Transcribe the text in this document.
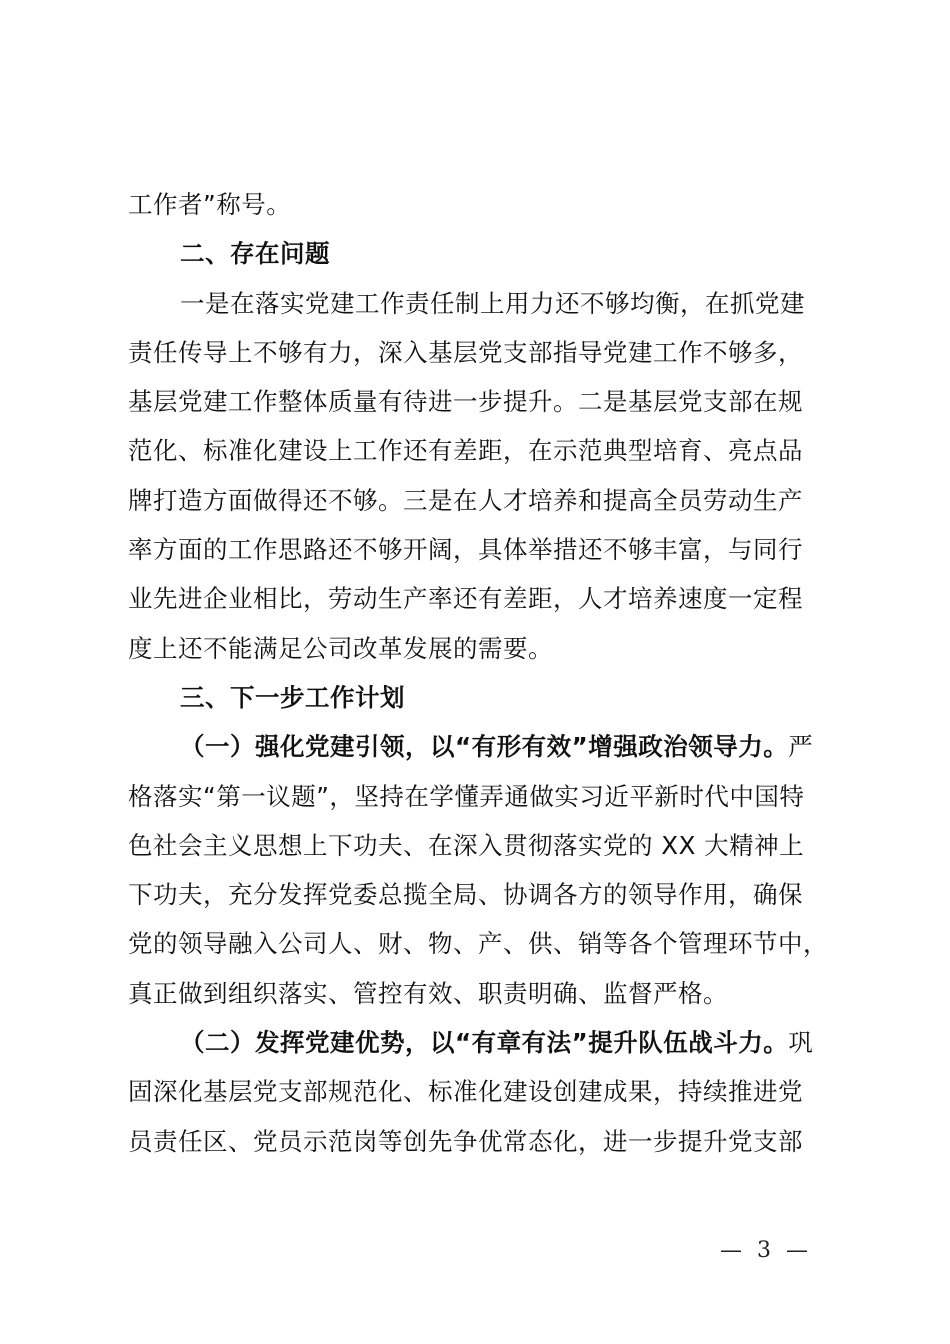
工作者”称号。
二、存在问题
一是在落实党建工作责任制上用力还不够均衡，在抓党建
责任传导上不够有力，深入基层党支部指导党建工作不够多，
基层党建工作整体质量有待进一步提升。二是基层党支部在规
范化、标准化建设上工作还有差距，在示范典型培育、亮点品
牌打造方面做得还不够。三是在人才培养和提高全员劳动生产
率方面的工作思路还不够开阔，具体举措还不够丰富，与同行
业先进企业相比，劳动生产率还有差距，人才培养速度一定程
度上还不能满足公司改革发展的需要。
三、下一步工作计划
（一）强化党建引领，以“有形有效”增强政治领导力。严
格落实“第一议题”，坚持在学懂弄通做实习近平新时代中国特
色社会主义思想上下功夫、在深入贯彻落实党的 XX 大精神上
下功夫，充分发挥党委总揽全局、协调各方的领导作用，确保
党的领导融入公司人、财、物、产、供、销等各个管理环节中，
真正做到组织落实、管控有效、职责明确、监督严格。
（二）发挥党建优势，以“有章有法”提升队伍战斗力。巩
固深化基层党支部规范化、标准化建设创建成果，持续推进党
员责任区、党员示范岗等创先争优常态化，进一步提升党支部
— 3 —
